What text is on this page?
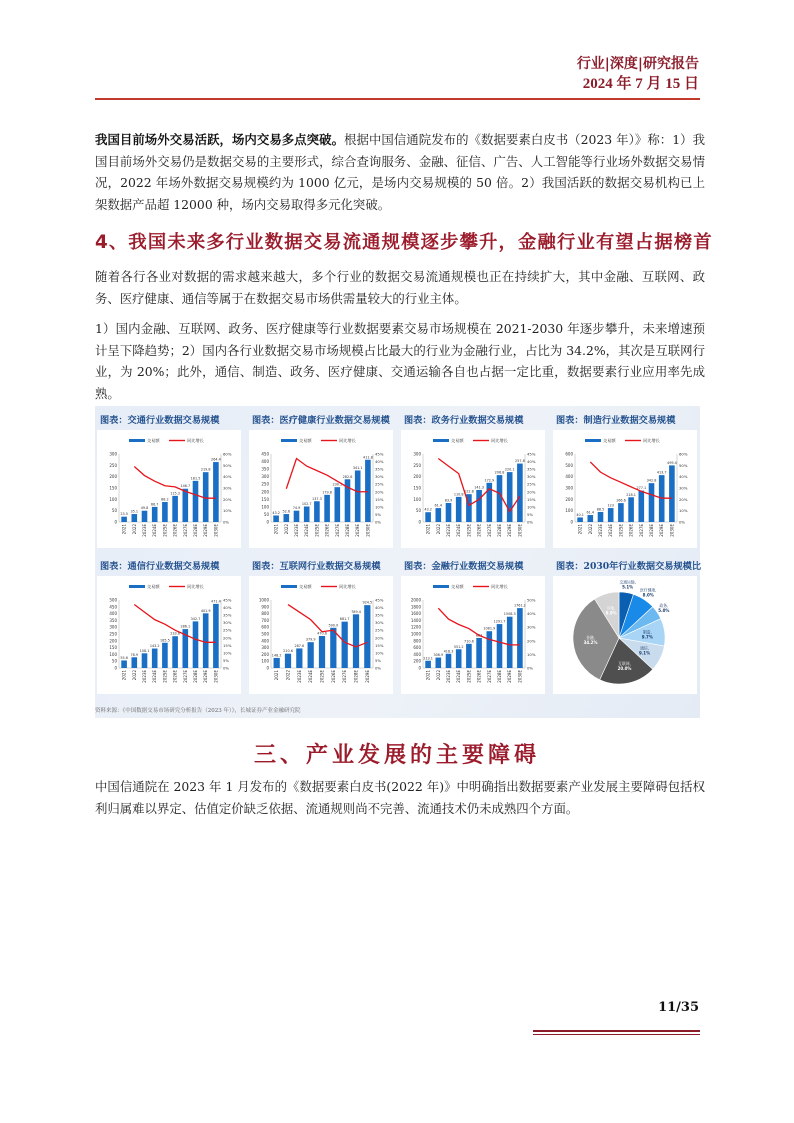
行业|深度|研究报告
2024 年 7 月 15 日
我国目前场外交易活跃，场内交易多点突破。根据中国信通院发布的《数据要素白皮书（2023 年）》称：1）我国目前场外交易仍是数据交易的主要形式，综合查询服务、金融、征信、广告、人工智能等行业场外数据交易情况，2022 年场外数据交易规模约为 1000 亿元，是场内交易规模的 50 倍。2）我国活跃的数据交易机构已上架数据产品超 12000 种，场内交易取得多元化突破。
4、我国未来多行业数据交易流通规模逐步攀升，金融行业有望占据榜首
随着各行各业对数据的需求越来越大，多个行业的数据交易流通规模也正在持续扩大，其中金融、互联网、政务、医疗健康、通信等属于在数据交易市场供需量较大的行业主体。
1）国内金融、互联网、政务、医疗健康等行业数据要素交易市场规模在 2021-2030 年逐步攀升，未来增速预计呈下降趋势；2）国内各行业数据交易市场规模占比最大的行业为金融行业，占比为 34.2%，其次是互联网行业，为 20%；此外，通信、制造、政务、医疗健康、交通运输各自也占据一定比重，数据要素行业应用率先成熟。
图表：交通行业数据交易规模
交易额	同比增长
0
50
100
150
200
250
300
0%
10%
20%
30%
40%
50%
60%
23.5
2021
35.1
2022
49.8
2023E
66.7
2024E
88.2
2025E
115.3
2026E
146.7
2027E
181.5
2028E
219.8
2029E
264.4
2030E
图表：医疗健康行业数据交易规模
交易额	同比增长
0
50
100
150
200
250
300
350
400
450
0%
5%
10%
15%
20%
25%
30%
35%
40%
45%
43.2
2021
52.6
2022
74.9
2023E
102.7
2024E
137.3
2025E
179.8
2026E
230.5
2027E
282.6
2028E
341.1
2029E
411.8
2030E
图表：政务行业数据交易规模
交易额	同比增长
0
50
100
150
200
250
300
0%
5%
10%
15%
20%
25%
30%
35%
40%
45%
43.2
2021
61.4
2022
83.9
2023E
110.8
2024E
122.8
2025E
141.3
2026E
172.9
2027E
206.8
2028E
220.1
2029E
257.8
2030E
图表：制造行业数据交易规模
交易额	同比增长
0
100
200
300
400
500
600
0%
10%
20%
30%
40%
50%
60%
40.1
2021
61.4
2022
88.5
2023E
123
2024E
166.6
2025E
218.1
2026E
277.1
2027E
342.8
2028E
413.7
2029E
499.4
2030E
图表：通信行业数据交易规模
交易额	同比增长
0
50
100
150
200
250
300
350
400
450
500
0%
5%
10%
15%
20%
25%
30%
35%
40%
45%
55.6
2021
78.9
2022
108.1
2023E
143.2
2024E
185.5
2025E
233.6
2026E
286.1
2027E
342.7
2028E
401.9
2029E
471.4
2030E
图表：互联网行业数据交易规模
交易额	同比增长
0
100
200
300
400
500
600
700
800
900
1000
0%
5%
10%
15%
20%
25%
30%
35%
40%
45%
148.2
2021
210.6
2022
287.6
2023E
379.9
2024E
470.6
2025E
590.9
2026E
681.7
2027E
789.4
2028E
924.5
2029E
图表：金融行业数据交易规模
交易额	同比增长
0
200
400
600
800
1000
1200
1400
1600
1800
2000
0%
10%
20%
30%
40%
50%
213.1
2021
306.9
2022
418.3
2023E
551.2
2024E
710.6
2025E
883
2026E
1081.9
2027E
1291.7
2028E
1508.3
2029E
1761.2
2030E
图表：2030年行业数据交易规模比
交通运输,
5.1%
医疗健康,
8.0%
政务,
5.0%
制造,
9.7%
通信,
9.1%
互联网,
20.0%
金融,
34.2%
其他,
8.9%
资料来源：《中国数据交易市场研究分析报告（2023 年）》，长城证券产业金融研究院
三、产业发展的主要障碍
中国信通院在 2023 年 1 月发布的《数据要素白皮书(2022 年)》中明确指出数据要素产业发展主要障碍包括权利归属难以界定、估值定价缺乏依据、流通规则尚不完善、流通技术仍未成熟四个方面。
11/35
